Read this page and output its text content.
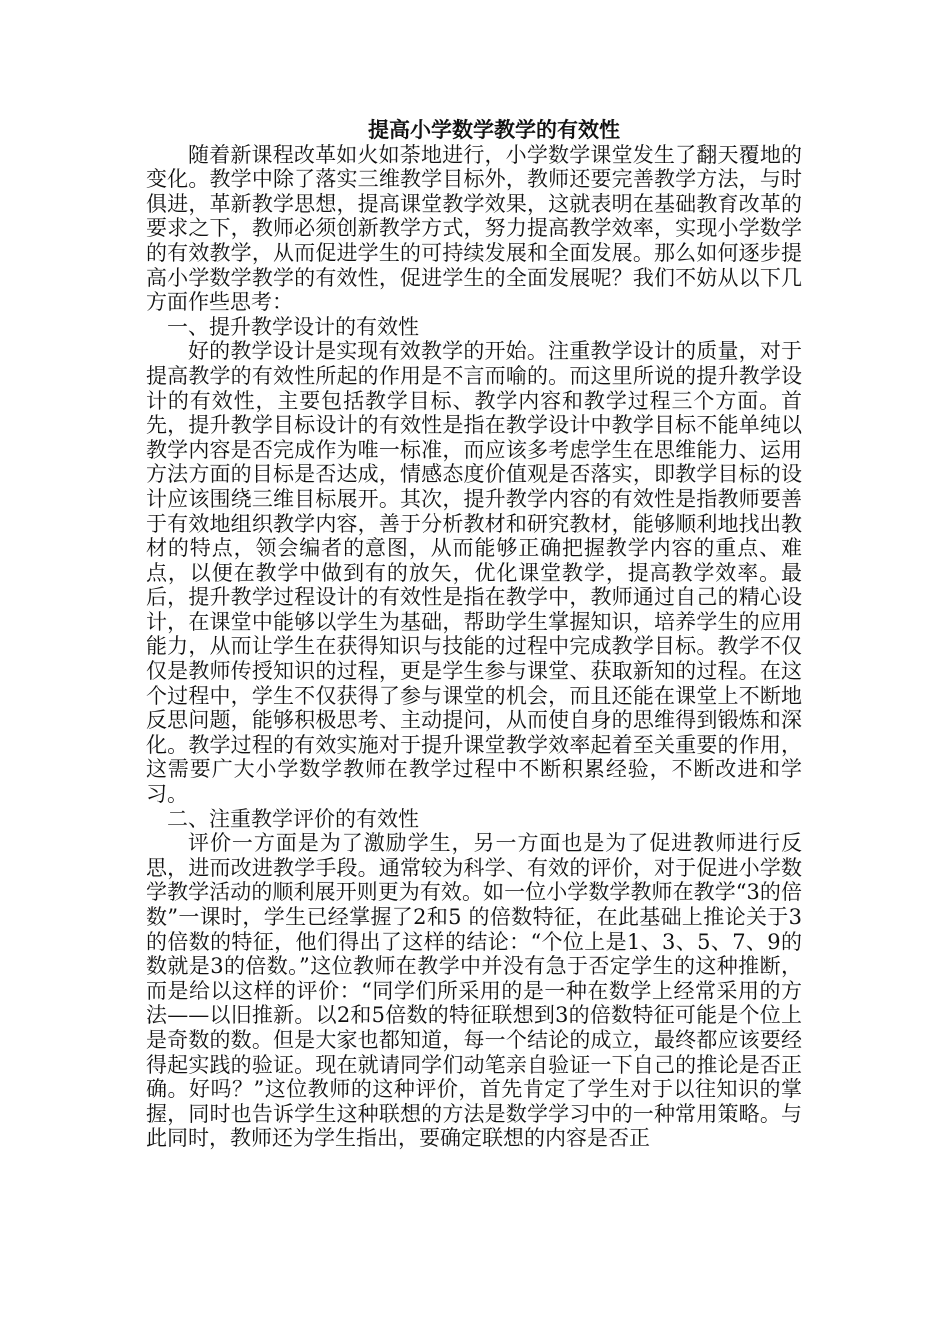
提高小学数学教学的有效性

随着新课程改革如火如荼地进行，小学数学课堂发生了翻天覆地的变化。教学中除了落实三维教学目标外，教师还要完善教学方法，与时俱进，革新教学思想，提高课堂教学效果，这就表明在基础教育改革的要求之下，教师必须创新教学方式，努力提高教学效率，实现小学数学的有效教学，从而促进学生的可持续发展和全面发展。那么如何逐步提高小学数学教学的有效性，促进学生的全面发展呢？我们不妨从以下几方面作些思考：

一、提升教学设计的有效性

好的教学设计是实现有效教学的开始。注重教学设计的质量，对于提高教学的有效性所起的作用是不言而喻的。而这里所说的提升教学设计的有效性，主要包括教学目标、教学内容和教学过程三个方面。首先，提升教学目标设计的有效性是指在教学设计中教学目标不能单纯以教学内容是否完成作为唯一标准，而应该多考虑学生在思维能力、运用方法方面的目标是否达成，情感态度价值观是否落实，即教学目标的设计应该围绕三维目标展开。其次，提升教学内容的有效性是指教师要善于有效地组织教学内容，善于分析教材和研究教材，能够顺利地找出教材的特点，领会编者的意图，从而能够正确把握教学内容的重点、难点，以便在教学中做到有的放矢，优化课堂教学，提高教学效率。最后，提升教学过程设计的有效性是指在教学中，教师通过自己的精心设计，在课堂中能够以学生为基础，帮助学生掌握知识，培养学生的应用能力，从而让学生在获得知识与技能的过程中完成教学目标。教学不仅仅是教师传授知识的过程，更是学生参与课堂、获取新知的过程。在这个过程中，学生不仅获得了参与课堂的机会，而且还能在课堂上不断地反思问题，能够积极思考、主动提问，从而使自身的思维得到锻炼和深化。教学过程的有效实施对于提升课堂教学效率起着至关重要的作用，这需要广大小学数学教师在教学过程中不断积累经验，不断改进和学习。

二、注重教学评价的有效性

评价一方面是为了激励学生，另一方面也是为了促进教师进行反思，进而改进教学手段。通常较为科学、有效的评价，对于促进小学数学教学活动的顺利展开则更为有效。如一位小学数学教师在教学“3的倍数”一课时，学生已经掌握了2和5 的倍数特征，在此基础上推论关于3的倍数的特征，他们得出了这样的结论：“个位上是1、3、5、7、9的数就是3的倍数。”这位教师在教学中并没有急于否定学生的这种推断，而是给以这样的评价：“同学们所采用的是一种在数学上经常采用的方法——以旧推新。以2和5倍数的特征联想到3的倍数特征可能是个位上是奇数的数。但是大家也都知道，每一个结论的成立，最终都应该要经得起实践的验证。现在就请同学们动笔亲自验证一下自己的推论是否正确。好吗？”这位教师的这种评价，首先肯定了学生对于以往知识的掌握，同时也告诉学生这种联想的方法是数学学习中的一种常用策略。与此同时，教师还为学生指出，要确定联想的内容是否正
